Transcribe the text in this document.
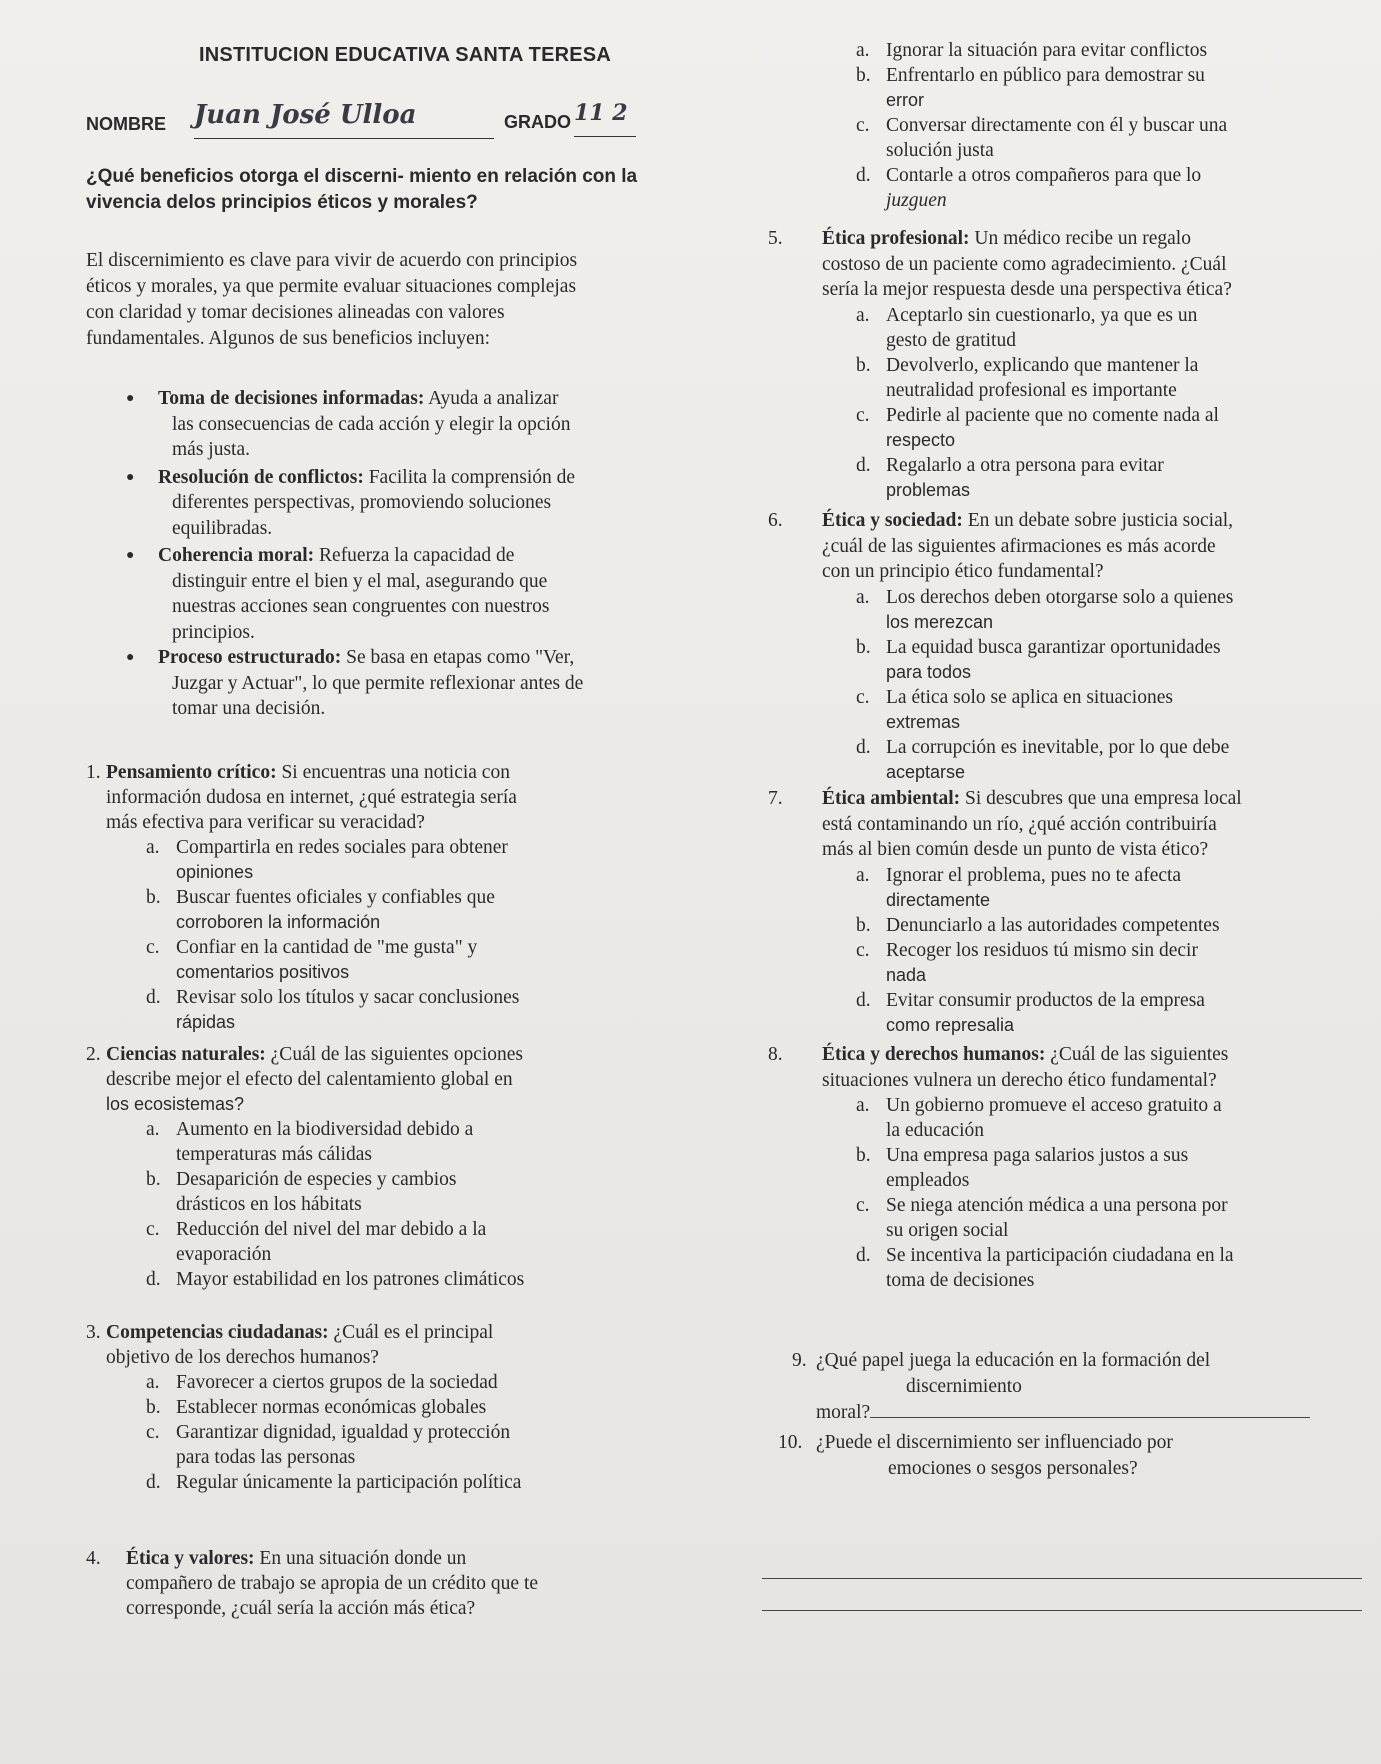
INSTITUCION EDUCATIVA SANTA TERESA
NOMBRE Juan José Ulloa	GRADO 11 2

¿Qué beneficios otorga el discerni- miento en relación con la

vivencia delos principios éticos y morales?

El discernimiento es clave para vivir de acuerdo con principios

éticos y morales, ya que permite evaluar situaciones complejas

con claridad y tomar decisiones alineadas con valores

fundamentales. Algunos de sus beneficios incluyen:

● Toma de decisiones informadas: Ayuda a analizar

las consecuencias de cada acción y elegir la opción

más justa.

● Resolución de conflictos: Facilita la comprensión de

diferentes perspectivas, promoviendo soluciones

equilibradas.

● Coherencia moral: Refuerza la capacidad de

distinguir entre el bien y el mal, asegurando que

nuestras acciones sean congruentes con nuestros

principios.

● Proceso estructurado: Se basa en etapas como "Ver,

Juzgar y Actuar", lo que permite reflexionar antes de

tomar una decisión.

1. Pensamiento crítico: Si encuentras una noticia con

información dudosa en internet, ¿qué estrategia sería

más efectiva para verificar su veracidad?

a. Compartirla en redes sociales para obtener

opiniones

b. Buscar fuentes oficiales y confiables que

corroboren la información

c. Confiar en la cantidad de "me gusta" y

comentarios positivos

d. Revisar solo los títulos y sacar conclusiones

rápidas

2. Ciencias naturales: ¿Cuál de las siguientes opciones

describe mejor el efecto del calentamiento global en

los ecosistemas?

a. Aumento en la biodiversidad debido a

temperaturas más cálidas

b. Desaparición de especies y cambios

drásticos en los hábitats

c. Reducción del nivel del mar debido a la

evaporación

d. Mayor estabilidad en los patrones climáticos

3. Competencias ciudadanas: ¿Cuál es el principal

objetivo de los derechos humanos?

a. Favorecer a ciertos grupos de la sociedad

b. Establecer normas económicas globales

c. Garantizar dignidad, igualdad y protección

para todas las personas

d. Regular únicamente la participación política

4.	Ética y valores: En una situación donde un

compañero de trabajo se apropia de un crédito que te

corresponde, ¿cuál sería la acción más ética?

a. Ignorar la situación para evitar conflictos

b. Enfrentarlo en público para demostrar su

error

c. Conversar directamente con él y buscar una

solución justa

d. Contarle a otros compañeros para que lo

juzguen

5. Ética profesional: Un médico recibe un regalo

costoso de un paciente como agradecimiento. ¿Cuál

sería la mejor respuesta desde una perspectiva ética?

a. Aceptarlo sin cuestionarlo, ya que es un

gesto de gratitud

b. Devolverlo, explicando que mantener la

neutralidad profesional es importante

c. Pedirle al paciente que no comente nada al

respecto

d. Regalarlo a otra persona para evitar

problemas

6. Ética y sociedad: En un debate sobre justicia social,

¿cuál de las siguientes afirmaciones es más acorde

con un principio ético fundamental?

a. Los derechos deben otorgarse solo a quienes

los merezcan

b. La equidad busca garantizar oportunidades

para todos

c. La ética solo se aplica en situaciones

extremas

d. La corrupción es inevitable, por lo que debe

aceptarse

7. Ética ambiental: Si descubres que una empresa local

está contaminando un río, ¿qué acción contribuiría

más al bien común desde un punto de vista ético?

a. Ignorar el problema, pues no te afecta

directamente

b. Denunciarlo a las autoridades competentes

c. Recoger los residuos tú mismo sin decir

nada

d. Evitar consumir productos de la empresa

como represalia

8. Ética y derechos humanos: ¿Cuál de las siguientes

situaciones vulnera un derecho ético fundamental?

a. Un gobierno promueve el acceso gratuito a

la educación

b. Una empresa paga salarios justos a sus

empleados

c. Se niega atención médica a una persona por

su origen social

d. Se incentiva la participación ciudadana en la

toma de decisiones

9. ¿Qué papel juega la educación en la formación del

discernimiento

moral?

10. ¿Puede el discernimiento ser influenciado por

emociones o sesgos personales?
